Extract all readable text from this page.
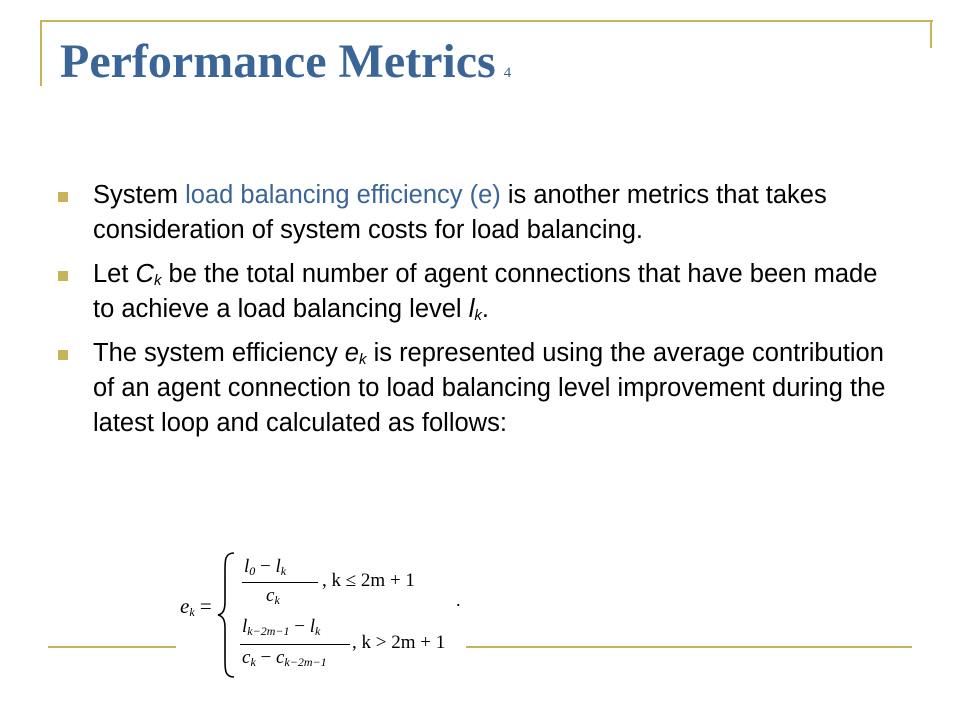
Performance Metrics 4
System load balancing efficiency (e) is another metrics that takes consideration of system costs for load balancing.
Let $C_k$ be the total number of agent connections that have been made to achieve a load balancing level $l_k$.
The system efficiency $e_k$ is represented using the average contribution of an agent connection to load balancing level improvement during the latest loop and calculated as follows:
$e_k$ =
$l_0 - l_k$
$c_k$
, k ≤ 2m + 1
$l_{k-2m-1} - l_k$
$c_k - c_{k-2m-1}$
, k > 2m + 1
.
